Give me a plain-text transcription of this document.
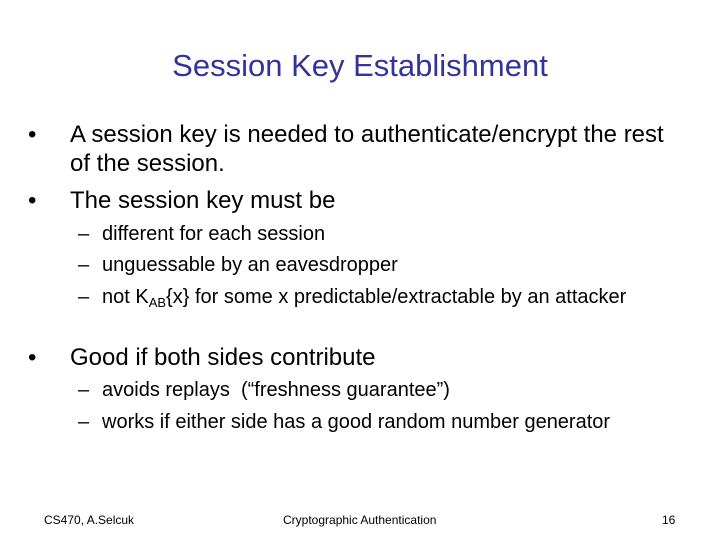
Session Key Establishment
• A session key is needed to authenticate/encrypt the rest of the session.
• The session key must be
– different for each session
– unguessable by an eavesdropper
– not $K_{AB}\{x\}$ for some x predictable/extractable by an attacker
• Good if both sides contribute
– avoids replays  (“freshness guarantee”)
– works if either side has a good random number generator
CS470, A.Selcuk	Cryptographic Authentication	16
